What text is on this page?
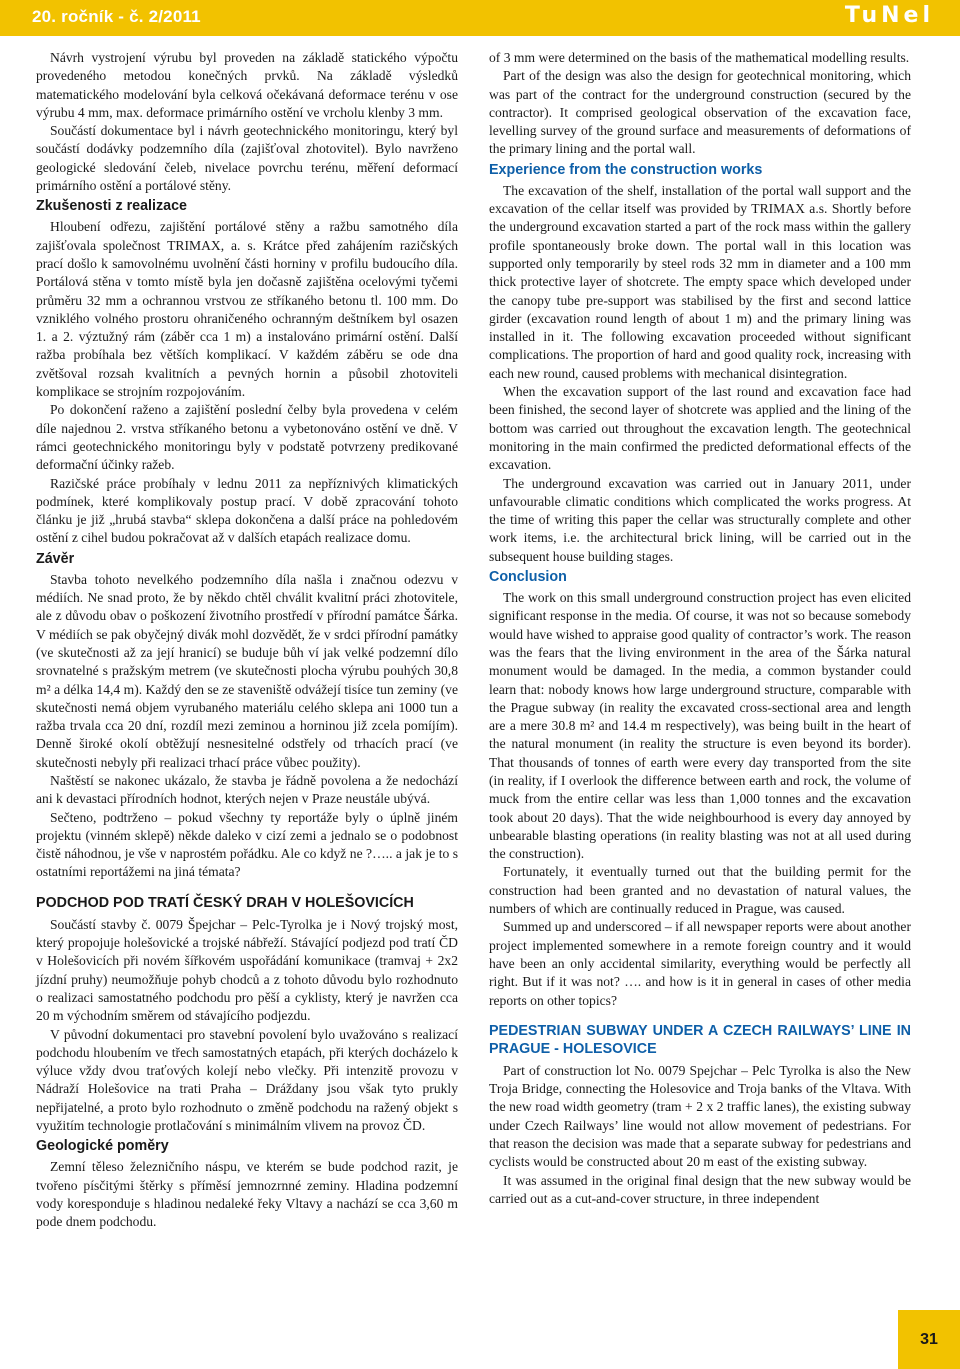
20. ročník - č. 2/2011	TuNel

Návrh vystrojení výrubu byl proveden na základě statického výpočtu provedeného metodou konečných prvků. Na základě výsledků matematického modelování byla celková očekávaná deformace terénu v ose výrubu 4 mm, max. deformace primárního ostění ve vrcholu klenby 3 mm.

Součástí dokumentace byl i návrh geotechnického monitoringu, který byl součástí dodávky podzemního díla (zajišťoval zhotovitel). Bylo navrženo geologické sledování čeleb, nivelace povrchu terénu, měření deformací primárního ostění a portálové stěny.

Zkušenosti z realizace

Hloubení odřezu, zajištění portálové stěny a ražbu samotného díla zajišťovala společnost TRIMAX, a. s. Krátce před zahájením razičských prací došlo k samovolnému uvolnění části horniny v profilu budoucího díla. Portálová stěna v tomto místě byla jen dočasně zajištěna ocelovými tyčemi průměru 32 mm a ochrannou vrstvou ze stříkaného betonu tl. 100 mm. Do vzniklého volného prostoru ohraničeného ochranným deštníkem byl osazen 1. a 2. výztužný rám (záběr cca 1 m) a instalováno primární ostění. Další ražba probíhala bez větších komplikací. V každém záběru se ode dna zvětšoval rozsah kvalitních a pevných hornin a působil zhotoviteli komplikace se strojním rozpojováním.

Po dokončení raženo a zajištění poslední čelby byla provedena v celém díle najednou 2. vrstva stříkaného betonu a vybetonováno ostění ve dně. V rámci geotechnického monitoringu byly v podstatě potvrzeny predikované deformační účinky ražeb.

Razičské práce probíhaly v lednu 2011 za nepříznivých klimatických podmínek, které komplikovaly postup prací. V době zpracování tohoto článku je již „hrubá stavba“ sklepa dokončena a další práce na pohledovém ostění z cihel budou pokračovat až v dalších etapách realizace domu.

Závěr

Stavba tohoto nevelkého podzemního díla našla i značnou odezvu v médiích. Ne snad proto, že by někdo chtěl chválit kvalitní práci zhotovitele, ale z důvodu obav o poškození životního prostředí v přírodní památce Šárka. V médiích se pak obyčejný divák mohl dozvědět, že v srdci přírodní památky (ve skutečnosti až za její hranicí) se buduje bůh ví jak velké podzemní dílo srovnatelné s pražským metrem (ve skutečnosti plocha výrubu pouhých 30,8 m² a délka 14,4 m). Každý den se ze staveniště odvážejí tisíce tun zeminy (ve skutečnosti nemá objem vyrubaného materiálu celého sklepa ani 1000 tun a ražba trvala cca 20 dní, rozdíl mezi zeminou a horninou již zcela pomíjím). Denně široké okolí obtěžují nesnesitelné odstřely od trhacích prací (ve skutečnosti nebyly při realizaci trhací práce vůbec použity).

Naštěstí se nakonec ukázalo, že stavba je řádně povolena a že nedochází ani k devastaci přírodních hodnot, kterých nejen v Praze neustále ubývá.

Sečteno, podtrženo – pokud všechny ty reportáže byly o úplně jiném projektu (vinném sklepě) někde daleko v cizí zemi a jednalo se o podobnost čistě náhodnou, je vše v naprostém pořádku. Ale co když ne ?….. a jak je to s ostatními reportážemi na jiná témata?

PODCHOD POD TRATÍ ČESKÝ DRAH V HOLEŠOVICÍCH

Součástí stavby č. 0079 Špejchar – Pelc-Tyrolka je i Nový trojský most, který propojuje holešovické a trojské nábřeží. Stávající podjezd pod tratí ČD v Holešovicích při novém šířkovém uspořádání komunikace (tramvaj + 2x2 jízdní pruhy) neumožňuje pohyb chodců a z tohoto důvodu bylo rozhodnuto o realizaci samostatného podchodu pro pěší a cyklisty, který je navržen cca 20 m východním směrem od stávajícího podjezdu.

V původní dokumentaci pro stavební povolení bylo uvažováno s realizací podchodu hloubením ve třech samostatných etapách, při kterých docházelo k výluce vždy dvou traťových kolejí nebo vlečky. Při intenzitě provozu v Nádraží Holešovice na trati Praha – Dráždany jsou však tyto prukly nepřijatelné, a proto bylo rozhodnuto o změně podchodu na ražený objekt s využitím technologie protlačování s minimálním vlivem na provoz ČD.

Geologické poměry

Zemní těleso železničního náspu, ve kterém se bude podchod razit, je tvořeno písčitými štěrky s příměsí jemnozrnné zeminy. Hladina podzemní vody koresponduje s hladinou nedaleké řeky Vltavy a nachází se cca 3,60 m pode dnem podchodu.

of 3 mm were determined on the basis of the mathematical modelling results.

Part of the design was also the design for geotechnical monitoring, which was part of the contract for the underground construction (secured by the contractor). It comprised geological observation of the excavation face, levelling survey of the ground surface and measurements of deformations of the primary lining and the portal wall.

Experience from the construction works

The excavation of the shelf, installation of the portal wall support and the excavation of the cellar itself was provided by TRIMAX a.s. Shortly before the underground excavation started a part of the rock mass within the gallery profile spontaneously broke down. The portal wall in this location was supported only temporarily by steel rods 32 mm in diameter and a 100 mm thick protective layer of shotcrete. The empty space which developed under the canopy tube pre-support was stabilised by the first and second lattice girder (excavation round length of about 1 m) and the primary lining was installed in it. The following excavation proceeded without significant complications. The proportion of hard and good quality rock, increasing with each new round, caused problems with mechanical disintegration.

When the excavation support of the last round and excavation face had been finished, the second layer of shotcrete was applied and the lining of the bottom was carried out throughout the excavation length. The geotechnical monitoring in the main confirmed the predicted deformational effects of the excavation.

The underground excavation was carried out in January 2011, under unfavourable climatic conditions which complicated the works progress. At the time of writing this paper the cellar was structurally complete and other work items, i.e. the architectural brick lining, will be carried out in the subsequent house building stages.

Conclusion

The work on this small underground construction project has even elicited significant response in the media. Of course, it was not so because somebody would have wished to appraise good quality of contractor’s work. The reason was the fears that the living environment in the area of the Šárka natural monument would be damaged. In the media, a common bystander could learn that: nobody knows how large underground structure, comparable with the Prague subway (in reality the excavated cross-sectional area and length are a mere 30.8 m² and 14.4 m respectively), was being built in the heart of the natural monument (in reality the structure is even beyond its border). That thousands of tonnes of earth were every day transported from the site (in reality, if I overlook the difference between earth and rock, the volume of muck from the entire cellar was less than 1,000 tonnes and the excavation took about 20 days). That the wide neighbourhood is every day annoyed by unbearable blasting operations (in reality blasting was not at all used during the construction).

Fortunately, it eventually turned out that the building permit for the construction had been granted and no devastation of natural values, the numbers of which are continually reduced in Prague, was caused.

Summed up and underscored – if all newspaper reports were about another project implemented somewhere in a remote foreign country and it would have been an only accidental similarity, everything would be perfectly all right. But if it was not? …. and how is it in general in cases of other media reports on other topics?

PEDESTRIAN SUBWAY UNDER A CZECH RAILWAYS’ LINE IN PRAGUE - HOLESOVICE

Part of construction lot No. 0079 Spejchar – Pelc Tyrolka is also the New Troja Bridge, connecting the Holesovice and Troja banks of the Vltava. With the new road width geometry (tram + 2 x 2 traffic lanes), the existing subway under Czech Railways’ line would not allow movement of pedestrians. For that reason the decision was made that a separate subway for pedestrians and cyclists would be constructed about 20 m east of the existing subway.

It was assumed in the original final design that the new subway would be carried out as a cut-and-cover structure, in three independent

31
